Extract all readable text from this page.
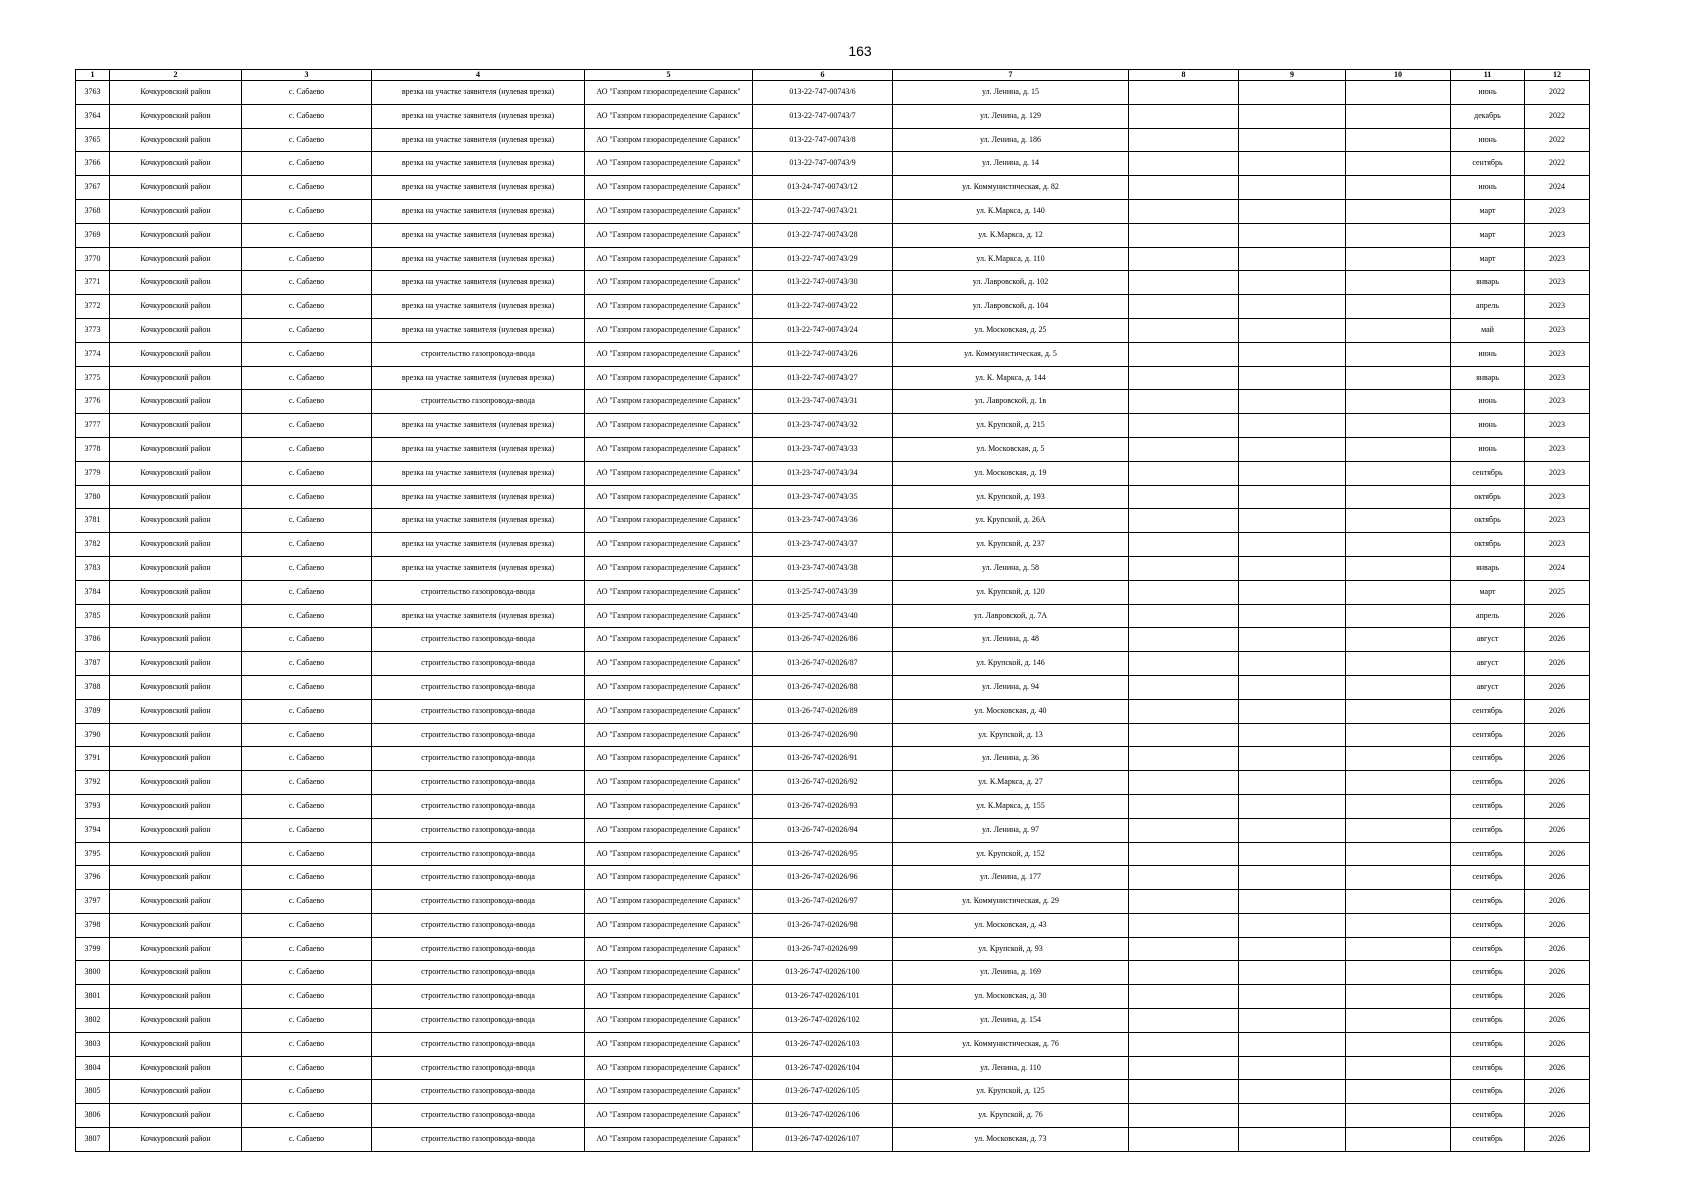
163
1	2	3	4	5	6	7	8	9	10	11	12
3763	Кочкуровский район	с. Сабаево	врезка на участке заявителя (нулевая врезка)	АО "Газпром газораспределение Саранск"	013-22-747-00743/6	ул. Ленина, д. 15				июнь	2022
3764	Кочкуровский район	с. Сабаево	врезка на участке заявителя (нулевая врезка)	АО "Газпром газораспределение Саранск"	013-22-747-00743/7	ул. Ленина, д. 129				декабрь	2022
3765	Кочкуровский район	с. Сабаево	врезка на участке заявителя (нулевая врезка)	АО "Газпром газораспределение Саранск"	013-22-747-00743/8	ул. Ленина, д. 186				июнь	2022
3766	Кочкуровский район	с. Сабаево	врезка на участке заявителя (нулевая врезка)	АО "Газпром газораспределение Саранск"	013-22-747-00743/9	ул. Ленина, д. 14				сентябрь	2022
3767	Кочкуровский район	с. Сабаево	врезка на участке заявителя (нулевая врезка)	АО "Газпром газораспределение Саранск"	013-24-747-00743/12	ул. Коммунистическая, д. 82				июнь	2024
3768	Кочкуровский район	с. Сабаево	врезка на участке заявителя (нулевая врезка)	АО "Газпром газораспределение Саранск"	013-22-747-00743/21	ул. К.Маркса, д. 140				март	2023
3769	Кочкуровский район	с. Сабаево	врезка на участке заявителя (нулевая врезка)	АО "Газпром газораспределение Саранск"	013-22-747-00743/28	ул. К.Маркса, д. 12				март	2023
3770	Кочкуровский район	с. Сабаево	врезка на участке заявителя (нулевая врезка)	АО "Газпром газораспределение Саранск"	013-22-747-00743/29	ул. К.Маркса, д. 110				март	2023
3771	Кочкуровский район	с. Сабаево	врезка на участке заявителя (нулевая врезка)	АО "Газпром газораспределение Саранск"	013-22-747-00743/30	ул. Лавровской, д. 102				январь	2023
3772	Кочкуровский район	с. Сабаево	врезка на участке заявителя (нулевая врезка)	АО "Газпром газораспределение Саранск"	013-22-747-00743/22	ул. Лавровской, д. 104				апрель	2023
3773	Кочкуровский район	с. Сабаево	врезка на участке заявителя (нулевая врезка)	АО "Газпром газораспределение Саранск"	013-22-747-00743/24	ул. Московская, д. 25				май	2023
3774	Кочкуровский район	с. Сабаево	строительство газопровода-ввода	АО "Газпром газораспределение Саранск"	013-22-747-00743/26	ул. Коммунистическая, д. 5				июнь	2023
3775	Кочкуровский район	с. Сабаево	врезка на участке заявителя (нулевая врезка)	АО "Газпром газораспределение Саранск"	013-22-747-00743/27	ул. К. Маркса, д. 144				январь	2023
3776	Кочкуровский район	с. Сабаево	строительство газопровода-ввода	АО "Газпром газораспределение Саранск"	013-23-747-00743/31	ул. Лавровской, д. 1в				июнь	2023
3777	Кочкуровский район	с. Сабаево	врезка на участке заявителя (нулевая врезка)	АО "Газпром газораспределение Саранск"	013-23-747-00743/32	ул. Крупской, д. 215				июнь	2023
3778	Кочкуровский район	с. Сабаево	врезка на участке заявителя (нулевая врезка)	АО "Газпром газораспределение Саранск"	013-23-747-00743/33	ул. Московская, д. 5				июнь	2023
3779	Кочкуровский район	с. Сабаево	врезка на участке заявителя (нулевая врезка)	АО "Газпром газораспределение Саранск"	013-23-747-00743/34	ул. Московская, д. 19				сентябрь	2023
3780	Кочкуровский район	с. Сабаево	врезка на участке заявителя (нулевая врезка)	АО "Газпром газораспределение Саранск"	013-23-747-00743/35	ул. Крупской, д. 193				октябрь	2023
3781	Кочкуровский район	с. Сабаево	врезка на участке заявителя (нулевая врезка)	АО "Газпром газораспределение Саранск"	013-23-747-00743/36	ул. Крупской, д. 26А				октябрь	2023
3782	Кочкуровский район	с. Сабаево	врезка на участке заявителя (нулевая врезка)	АО "Газпром газораспределение Саранск"	013-23-747-00743/37	ул. Крупской, д. 237				октябрь	2023
3783	Кочкуровский район	с. Сабаево	врезка на участке заявителя (нулевая врезка)	АО "Газпром газораспределение Саранск"	013-23-747-00743/38	ул. Ленина, д. 58				январь	2024
3784	Кочкуровский район	с. Сабаево	строительство газопровода-ввода	АО "Газпром газораспределение Саранск"	013-25-747-00743/39	ул. Крупской, д. 120				март	2025
3785	Кочкуровский район	с. Сабаево	врезка на участке заявителя (нулевая врезка)	АО "Газпром газораспределение Саранск"	013-25-747-00743/40	ул. Лавровской, д. 7А				апрель	2026
3786	Кочкуровский район	с. Сабаево	строительство газопровода-ввода	АО "Газпром газораспределение Саранск"	013-26-747-02026/86	ул. Ленина, д. 48				август	2026
3787	Кочкуровский район	с. Сабаево	строительство газопровода-ввода	АО "Газпром газораспределение Саранск"	013-26-747-02026/87	ул. Крупской, д. 146				август	2026
3788	Кочкуровский район	с. Сабаево	строительство газопровода-ввода	АО "Газпром газораспределение Саранск"	013-26-747-02026/88	ул. Ленина, д. 94				август	2026
3789	Кочкуровский район	с. Сабаево	строительство газопровода-ввода	АО "Газпром газораспределение Саранск"	013-26-747-02026/89	ул. Московская, д. 40				сентябрь	2026
3790	Кочкуровский район	с. Сабаево	строительство газопровода-ввода	АО "Газпром газораспределение Саранск"	013-26-747-02026/90	ул. Крупской, д. 13				сентябрь	2026
3791	Кочкуровский район	с. Сабаево	строительство газопровода-ввода	АО "Газпром газораспределение Саранск"	013-26-747-02026/91	ул. Ленина, д. 36				сентябрь	2026
3792	Кочкуровский район	с. Сабаево	строительство газопровода-ввода	АО "Газпром газораспределение Саранск"	013-26-747-02026/92	ул. К.Маркса, д. 27				сентябрь	2026
3793	Кочкуровский район	с. Сабаево	строительство газопровода-ввода	АО "Газпром газораспределение Саранск"	013-26-747-02026/93	ул. К.Маркса, д. 155				сентябрь	2026
3794	Кочкуровский район	с. Сабаево	строительство газопровода-ввода	АО "Газпром газораспределение Саранск"	013-26-747-02026/94	ул. Ленина, д. 97				сентябрь	2026
3795	Кочкуровский район	с. Сабаево	строительство газопровода-ввода	АО "Газпром газораспределение Саранск"	013-26-747-02026/95	ул. Крупской, д. 152				сентябрь	2026
3796	Кочкуровский район	с. Сабаево	строительство газопровода-ввода	АО "Газпром газораспределение Саранск"	013-26-747-02026/96	ул. Ленина, д. 177				сентябрь	2026
3797	Кочкуровский район	с. Сабаево	строительство газопровода-ввода	АО "Газпром газораспределение Саранск"	013-26-747-02026/97	ул. Коммунистическая, д. 29				сентябрь	2026
3798	Кочкуровский район	с. Сабаево	строительство газопровода-ввода	АО "Газпром газораспределение Саранск"	013-26-747-02026/98	ул. Московская, д. 43				сентябрь	2026
3799	Кочкуровский район	с. Сабаево	строительство газопровода-ввода	АО "Газпром газораспределение Саранск"	013-26-747-02026/99	ул. Крупской, д. 93				сентябрь	2026
3800	Кочкуровский район	с. Сабаево	строительство газопровода-ввода	АО "Газпром газораспределение Саранск"	013-26-747-02026/100	ул. Ленина, д. 169				сентябрь	2026
3801	Кочкуровский район	с. Сабаево	строительство газопровода-ввода	АО "Газпром газораспределение Саранск"	013-26-747-02026/101	ул. Московская, д. 30				сентябрь	2026
3802	Кочкуровский район	с. Сабаево	строительство газопровода-ввода	АО "Газпром газораспределение Саранск"	013-26-747-02026/102	ул. Ленина, д. 154				сентябрь	2026
3803	Кочкуровский район	с. Сабаево	строительство газопровода-ввода	АО "Газпром газораспределение Саранск"	013-26-747-02026/103	ул. Коммунистическая, д. 76				сентябрь	2026
3804	Кочкуровский район	с. Сабаево	строительство газопровода-ввода	АО "Газпром газораспределение Саранск"	013-26-747-02026/104	ул. Ленина, д. 110				сентябрь	2026
3805	Кочкуровский район	с. Сабаево	строительство газопровода-ввода	АО "Газпром газораспределение Саранск"	013-26-747-02026/105	ул. Крупской, д. 125				сентябрь	2026
3806	Кочкуровский район	с. Сабаево	строительство газопровода-ввода	АО "Газпром газораспределение Саранск"	013-26-747-02026/106	ул. Крупской, д. 76				сентябрь	2026
3807	Кочкуровский район	с. Сабаево	строительство газопровода-ввода	АО "Газпром газораспределение Саранск"	013-26-747-02026/107	ул. Московская, д. 73				сентябрь	2026
